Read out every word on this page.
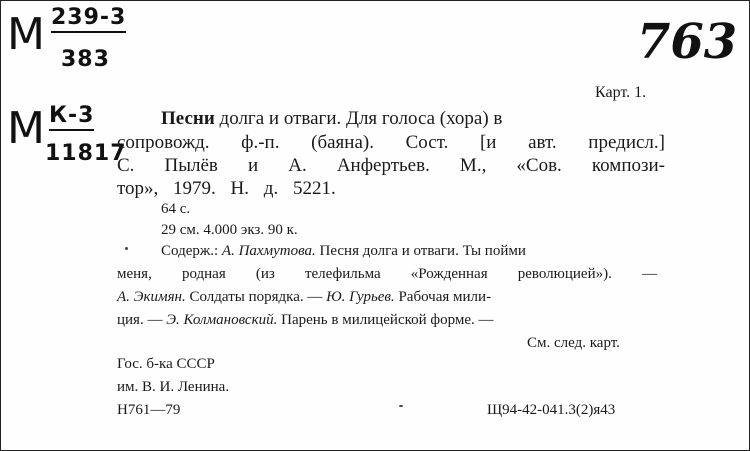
М 239-3
383
М К-3
11817
763
Карт. 1.
Песни долга и отваги. Для голоса (хора) в
сопровожд. ф.-п. (баяна). Сост. [и авт. предисл.]
С. Пылёв и А. Анфертьев. М., «Сов. компози-
тор», 1979. Н. д. 5221.
64 с.
29 см. 4.000 экз. 90 к.
Содерж.: А. Пахмутова. Песня долга и отваги. Ты пойми
меня, родная (из телефильма «Рожденная революцией»). —
А. Экимян. Солдаты порядка. — Ю. Гурьев. Рабочая мили-
ция. — Э. Колмановский. Парень в милицейской форме. —
См. след. карт.
Гос. б-ка СССР
им. В. И. Ленина.
Н761—79	Щ94-42-041.3(2)я43
